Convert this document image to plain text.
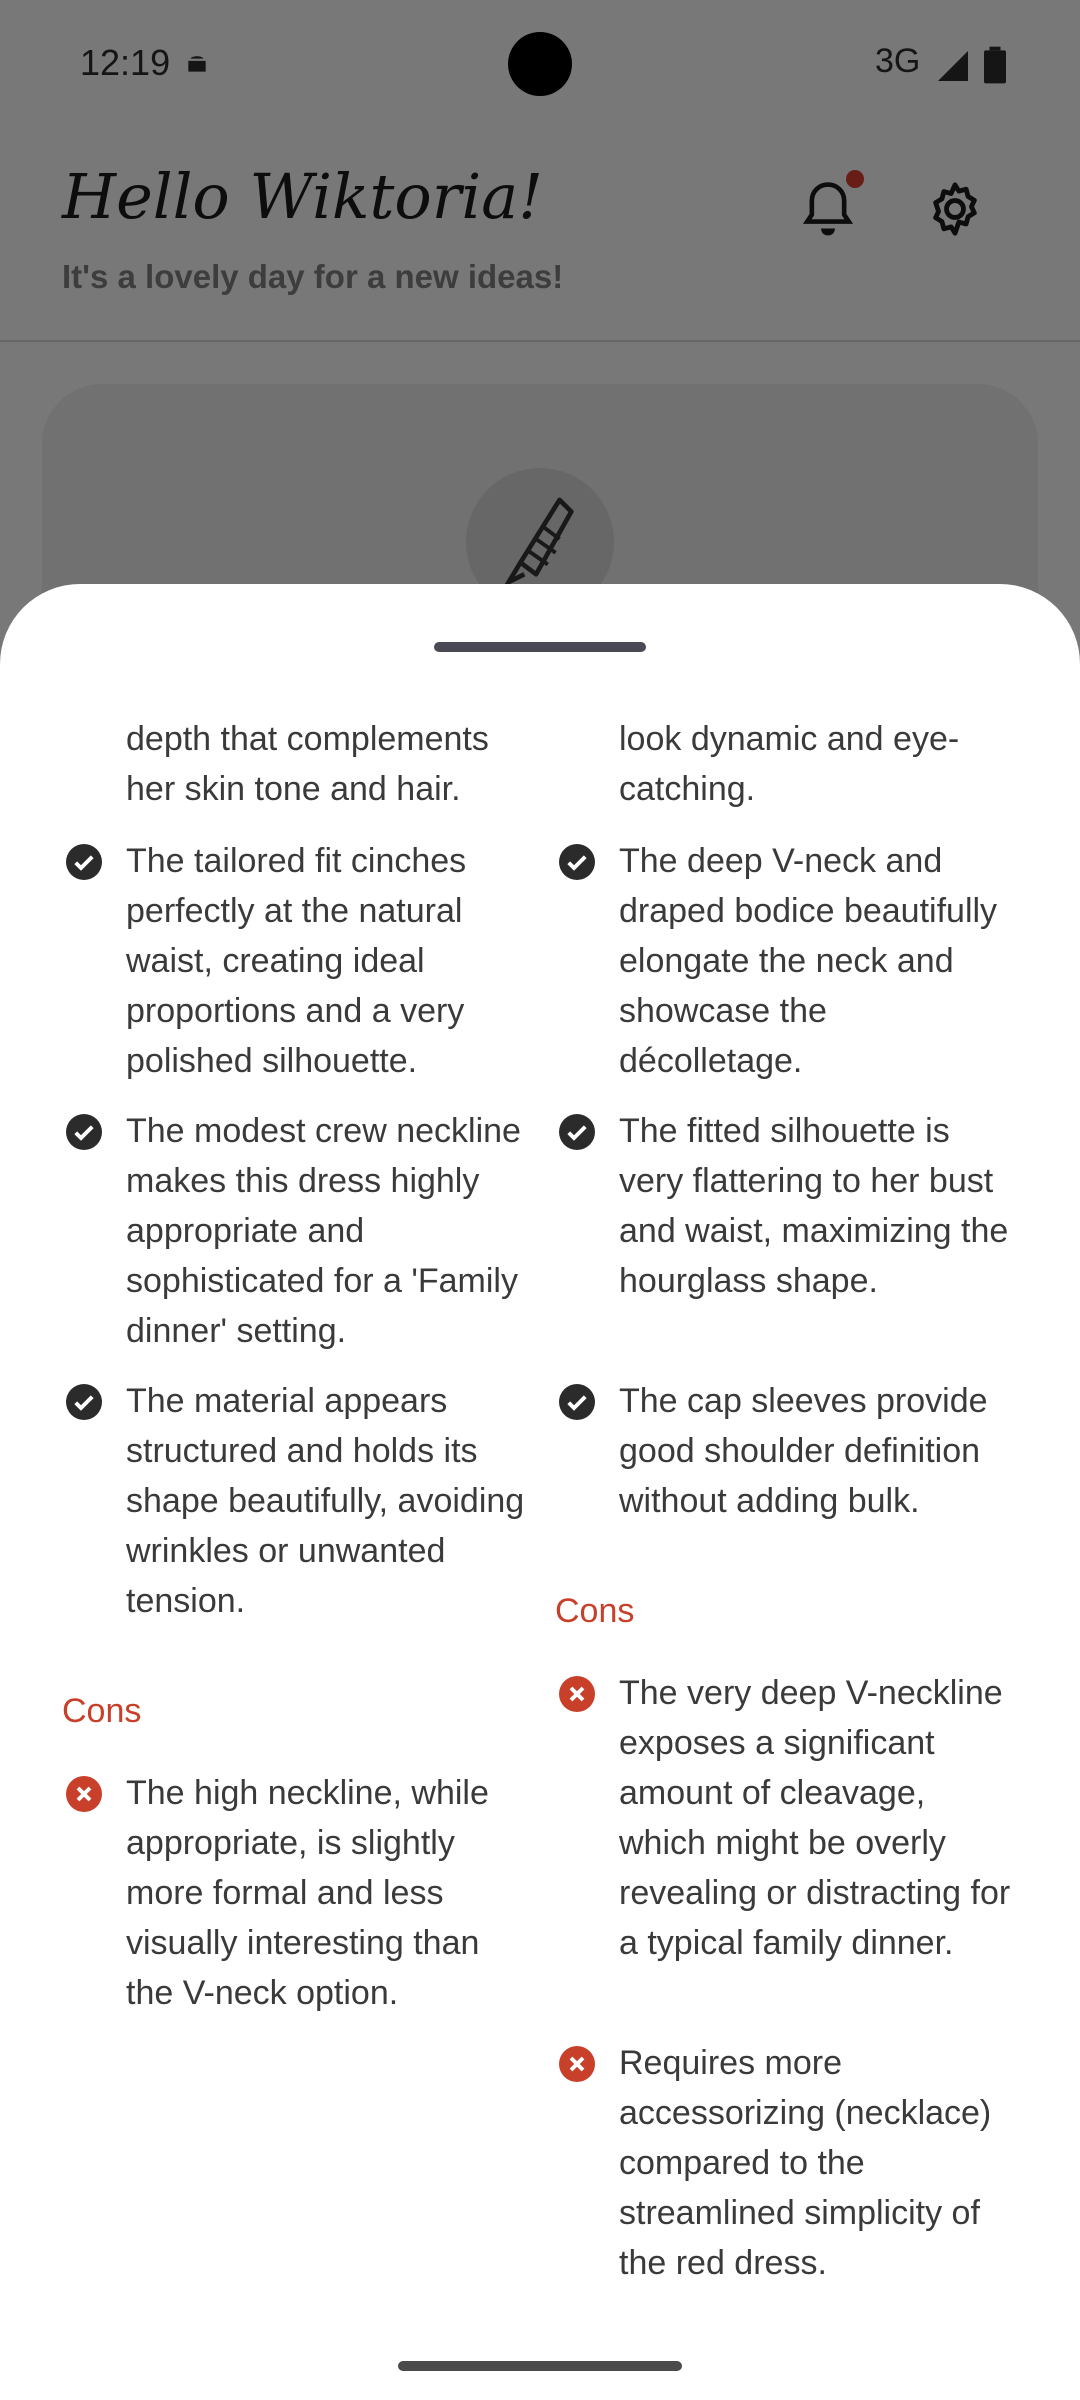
depth that complements her skin tone and hair.
The tailored fit cinches perfectly at the natural waist, creating ideal proportions and a very polished silhouette.
The modest crew neckline makes this dress highly appropriate and sophisticated for a 'Family dinner' setting.
The material appears structured and holds its shape beautifully, avoiding wrinkles or unwanted tension.
Cons
The high neckline, while appropriate, is slightly more formal and less visually interesting than the V-neck option.
look dynamic and eye-catching.
The deep V-neck and draped bodice beautifully elongate the neck and showcase the décolletage.
The fitted silhouette is very flattering to her bust and waist, maximizing the hourglass shape.
The cap sleeves provide good shoulder definition without adding bulk.
Cons
The very deep V-neckline exposes a significant amount of cleavage, which might be overly revealing or distracting for a typical family dinner.
Requires more accessorizing (necklace) compared to the streamlined simplicity of the red dress.
